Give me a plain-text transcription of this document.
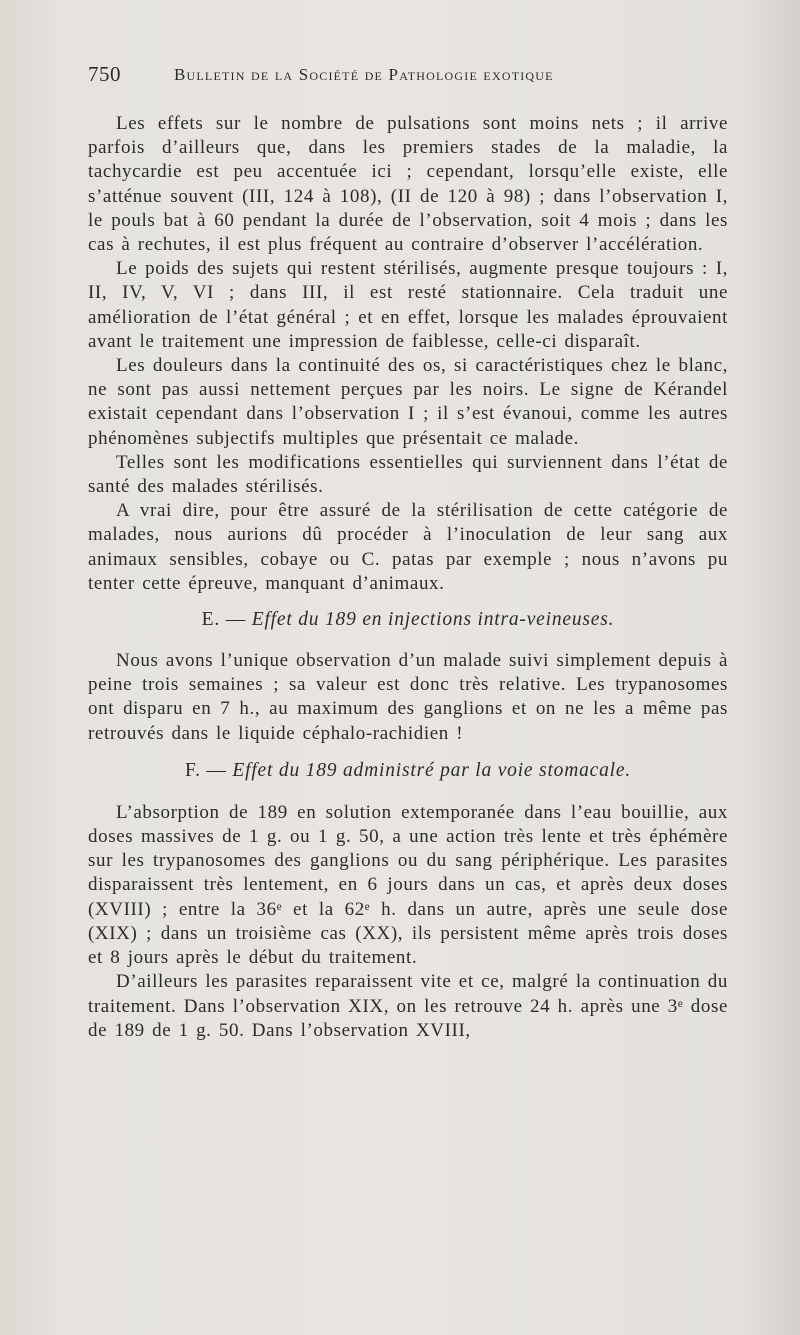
750	Bulletin de la Société de Pathologie exotique

Les effets sur le nombre de pulsations sont moins nets ; il arrive parfois d’ailleurs que, dans les premiers stades de la maladie, la tachycardie est peu accentuée ici ; cependant, lorsqu’elle existe, elle s’atténue souvent (III, 124 à 108), (II de 120 à 98) ; dans l’observation I, le pouls bat à 60 pendant la durée de l’observation, soit 4 mois ; dans les cas à rechutes, il est plus fréquent au contraire d’observer l’accélération.

Le poids des sujets qui restent stérilisés, augmente presque toujours : I, II, IV, V, VI ; dans III, il est resté stationnaire. Cela traduit une amélioration de l’état général ; et en effet, lorsque les malades éprouvaient avant le traitement une impression de faiblesse, celle-ci disparaît.

Les douleurs dans la continuité des os, si caractéristiques chez le blanc, ne sont pas aussi nettement perçues par les noirs. Le signe de Kérandel existait cependant dans l’observation I ; il s’est évanoui, comme les autres phénomènes subjectifs multiples que présentait ce malade.

Telles sont les modifications essentielles qui surviennent dans l’état de santé des malades stérilisés.

A vrai dire, pour être assuré de la stérilisation de cette catégorie de malades, nous aurions dû procéder à l’inoculation de leur sang aux animaux sensibles, cobaye ou C. patas par exemple ; nous n’avons pu tenter cette épreuve, manquant d’animaux.

E. — Effet du 189 en injections intra-veineuses.

Nous avons l’unique observation d’un malade suivi simplement depuis à peine trois semaines ; sa valeur est donc très relative. Les trypanosomes ont disparu en 7 h., au maximum des ganglions et on ne les a même pas retrouvés dans le liquide céphalo-rachidien !

F. — Effet du 189 administré par la voie stomacale.

L’absorption de 189 en solution extemporanée dans l’eau bouillie, aux doses massives de 1 g. ou 1 g. 50, a une action très lente et très éphémère sur les trypanosomes des ganglions ou du sang périphérique. Les parasites disparaissent très lentement, en 6 jours dans un cas, et après deux doses (XVIII) ; entre la 36ᵉ et la 62ᵉ h. dans un autre, après une seule dose (XIX) ; dans un troisième cas (XX), ils persistent même après trois doses et 8 jours après le début du traitement.

D’ailleurs les parasites reparaissent vite et ce, malgré la continuation du traitement. Dans l’observation XIX, on les retrouve 24 h. après une 3ᵉ dose de 189 de 1 g. 50. Dans l’observation XVIII,
